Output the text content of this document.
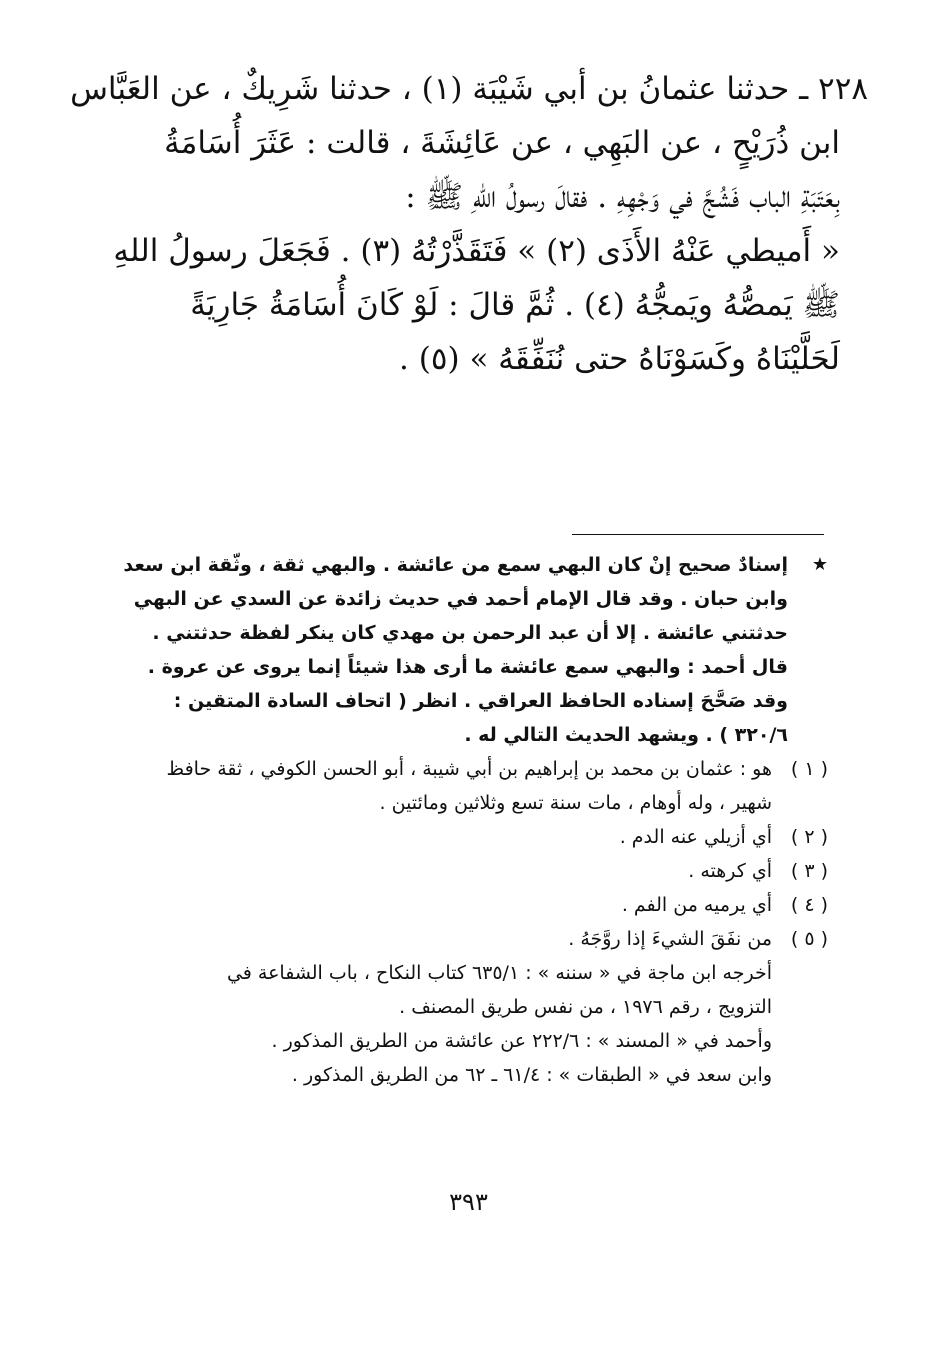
٢٢٨ ـ حدثنا عثمانُ بن أبي شَيْبَة (١) ، حدثنا شَرِيكٌ ، عن العَبَّاس
ابن ذُرَيْحٍ ، عن البَهِي ، عن عَائِشَةَ ، قالت : عَثَرَ أُسَامَةُ
بِعَتَبَةِ الباب فَشُجَّ في وَجْهِهِ . فقالَ رسولُ اللهِ ﷺ :
« أَميطي عَنْهُ الأَذَى (٢) » فَتَقَذَّرْتُهُ (٣) . فَجَعَلَ رسولُ اللهِ
ﷺ يَمصُّهُ ويَمجُّهُ (٤) . ثُمَّ قالَ : لَوْ كَانَ أُسَامَةُ جَارِيَةً
لَحَلَّيْنَاهُ وكَسَوْنَاهُ حتى نُنَفِّقَهُ » (٥) .
★
إسنادٌ صحيح إنْ كان البهي سمع من عائشة . والبهي ثقة ، وثّقة ابن سعد
وابن حبان . وقد قال الإمام أحمد في حديث زائدة عن السدي عن البهي
حدثتني عائشة . إلا أن عبد الرحمن بن مهدي كان ينكر لفظة حدثتني .
قال أحمد : والبهي سمع عائشة ما أرى هذا شيئاً إنما يروى عن عروة .
وقد صَحَّحَ إسناده الحافظ العراقي . انظر ( اتحاف السادة المتقين :
٣٢٠/٦ ) . ويشهد الحديث التالي له .
( ١ )
هو : عثمان بن محمد بن إبراهيم بن أبي شيبة ، أبو الحسن الكوفي ، ثقة حافظ
شهير ، وله أوهام ، مات سنة تسع وثلاثين ومائتين .
( ٢ )
أي أزيلي عنه الدم .
( ٣ )
أي كرهته .
( ٤ )
أي يرميه من الفم .
( ٥ )
من نفَقَ الشيءَ إذا روَّجَهُ .
أخرجه ابن ماجة في « سننه » : ٦٣٥/١ كتاب النكاح ، باب الشفاعة في
التزويج ، رقم ١٩٧٦ ، من نفس طريق المصنف .
وأحمد في « المسند » : ٢٢٢/٦ عن عائشة من الطريق المذكور .
وابن سعد في « الطبقات » : ٦١/٤ ـ ٦٢ من الطريق المذكور .
٣٩٣
